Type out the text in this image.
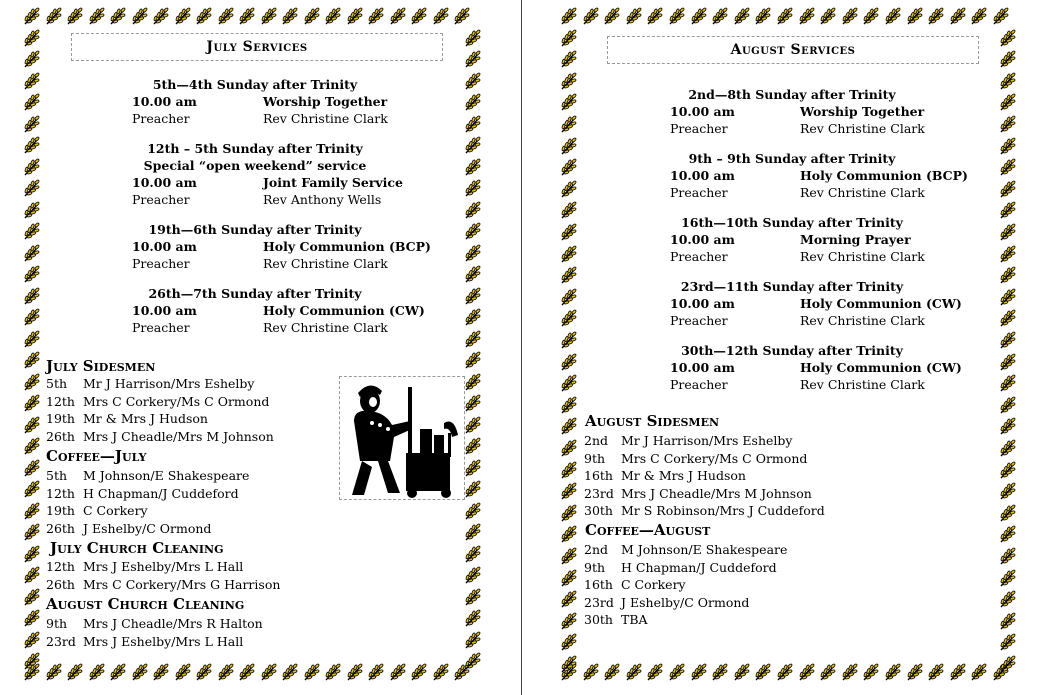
July Services
5th—4th Sunday after Trinity
10.00 am	Worship Together
Preacher	Rev Christine Clark
12th – 5th Sunday after Trinity
Special “open weekend” service
10.00 am	Joint Family Service
Preacher	Rev Anthony Wells
19th—6th Sunday after Trinity
10.00 am	Holy Communion (BCP)
Preacher	Rev Christine Clark
26th—7th Sunday after Trinity
10.00 am	Holy Communion (CW)
Preacher	Rev Christine Clark
July Sidesmen
5th Mr J Harrison/Mrs Eshelby
12th Mrs C Corkery/Ms C Ormond
19th Mr & Mrs J Hudson
26th Mrs J Cheadle/Mrs M Johnson
Coffee—July
5th M Johnson/E Shakespeare
12th H Chapman/J Cuddeford
19th C Corkery
26th J Eshelby/C Ormond
July Church Cleaning
12th Mrs J Eshelby/Mrs L Hall
26th Mrs C Corkery/Mrs G Harrison
August Church Cleaning
9th Mrs J Cheadle/Mrs R Halton
23rd Mrs J Eshelby/Mrs L Hall
August Services
2nd—8th Sunday after Trinity
10.00 am	Worship Together
Preacher	Rev Christine Clark
9th – 9th Sunday after Trinity
10.00 am	Holy Communion (BCP)
Preacher	Rev Christine Clark
16th—10th Sunday after Trinity
10.00 am	Morning Prayer
Preacher	Rev Christine Clark
23rd—11th Sunday after Trinity
10.00 am	Holy Communion (CW)
Preacher	Rev Christine Clark
30th—12th Sunday after Trinity
10.00 am	Holy Communion (CW)
Preacher	Rev Christine Clark
August Sidesmen
2nd Mr J Harrison/Mrs Eshelby
9th Mrs C Corkery/Ms C Ormond
16th Mr & Mrs J Hudson
23rd Mrs J Cheadle/Mrs M Johnson
30th Mr S Robinson/Mrs J Cuddeford
Coffee—August
2nd M Johnson/E Shakespeare
9th H Chapman/J Cuddeford
16th C Corkery
23rd J Eshelby/C Ormond
30th TBA
